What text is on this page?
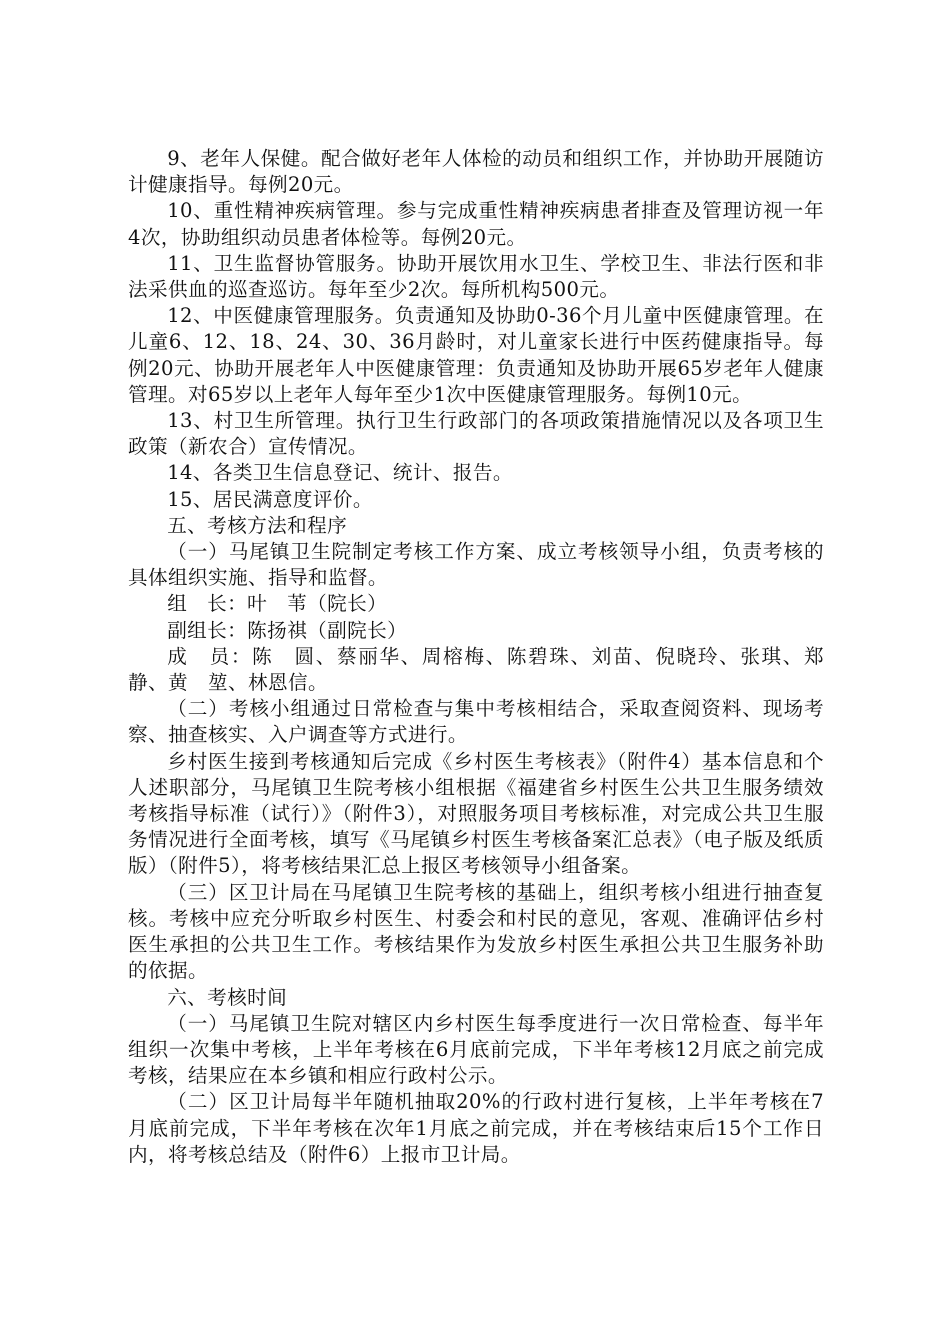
9、老年人保健。配合做好老年人体检的动员和组织工作，并协助开展随访计健康指导。每例20元。

10、重性精神疾病管理。参与完成重性精神疾病患者排查及管理访视一年4次，协助组织动员患者体检等。每例20元。

11、卫生监督协管服务。协助开展饮用水卫生、学校卫生、非法行医和非法采供血的巡查巡访。每年至少2次。每所机构500元。

12、中医健康管理服务。负责通知及协助0-36个月儿童中医健康管理。在儿童6、12、18、24、30、36月龄时，对儿童家长进行中医药健康指导。每例20元、协助开展老年人中医健康管理：负责通知及协助开展65岁老年人健康管理。对65岁以上老年人每年至少1次中医健康管理服务。每例10元。

13、村卫生所管理。执行卫生行政部门的各项政策措施情况以及各项卫生政策（新农合）宣传情况。

14、各类卫生信息登记、统计、报告。

15、居民满意度评价。

五、考核方法和程序

（一）马尾镇卫生院制定考核工作方案、成立考核领导小组，负责考核的具体组织实施、指导和监督。

组　长：叶　苇（院长）

副组长：陈扬祺（副院长）

成　员：陈　圆、蔡丽华、周榕梅、陈碧珠、刘苗、倪晓玲、张琪、郑　静、黄　堃、林恩信。

（二）考核小组通过日常检查与集中考核相结合，采取查阅资料、现场考察、抽查核实、入户调查等方式进行。

乡村医生接到考核通知后完成《乡村医生考核表》（附件4）基本信息和个人述职部分，马尾镇卫生院考核小组根据《福建省乡村医生公共卫生服务绩效考核指导标准（试行）》（附件3），对照服务项目考核标准，对完成公共卫生服务情况进行全面考核，填写《马尾镇乡村医生考核备案汇总表》（电子版及纸质版）（附件5），将考核结果汇总上报区考核领导小组备案。

（三）区卫计局在马尾镇卫生院考核的基础上，组织考核小组进行抽查复核。考核中应充分听取乡村医生、村委会和村民的意见，客观、准确评估乡村医生承担的公共卫生工作。考核结果作为发放乡村医生承担公共卫生服务补助的依据。

六、考核时间

（一）马尾镇卫生院对辖区内乡村医生每季度进行一次日常检查、每半年组织一次集中考核，上半年考核在6月底前完成，下半年考核12月底之前完成考核，结果应在本乡镇和相应行政村公示。

（二）区卫计局每半年随机抽取20%的行政村进行复核，上半年考核在7月底前完成，下半年考核在次年1月底之前完成，并在考核结束后15个工作日内，将考核总结及（附件6）上报市卫计局。
